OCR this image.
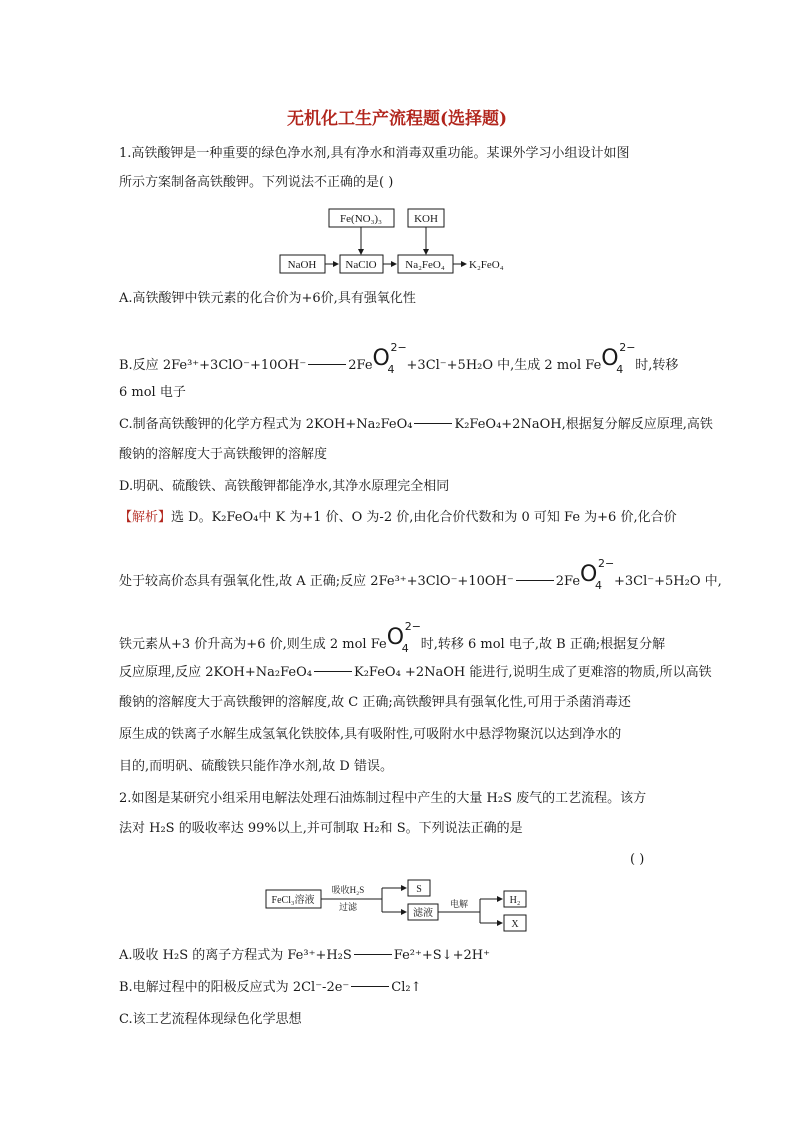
无机化工生产流程题(选择题)
1.高铁酸钾是一种重要的绿色净水剂,具有净水和消毒双重功能。某课外学习小组设计如图
所示方案制备高铁酸钾。下列说法不正确的是( )
Fe(NO₃)₃	KOH
NaOH	NaClO	Na₂FeO₄ K₂FeO₄
A.高铁酸钾中铁元素的化合价为+6价,具有强氧化性
B.反应 2Fe³⁺+3ClO⁻+10OH⁻	2Fe O 2−
4 +3Cl⁻+5H₂O 中,生成 2 mol Fe O 2−
4 时,转移
6 mol 电子
C.制备高铁酸钾的化学方程式为 2KOH+Na₂FeO₄	K₂FeO₄+2NaOH,根据复分解反应原理,高铁
酸钠的溶解度大于高铁酸钾的溶解度
D.明矾、硫酸铁、高铁酸钾都能净水,其净水原理完全相同
【解析】选 D。K₂FeO₄中 K 为+1 价、O 为-2 价,由化合价代数和为 0 可知 Fe 为+6 价,化合价
处于较高价态具有强氧化性,故 A 正确;反应 2Fe³⁺+3ClO⁻+10OH⁻	2Fe O 2−
4 +3Cl⁻+5H₂O 中,
铁元素从+3 价升高为+6 价,则生成 2 mol Fe O 2−
4 时,转移 6 mol 电子,故 B 正确;根据复分解
反应原理,反应 2KOH+Na₂FeO₄	K₂FeO₄ +2NaOH 能进行,说明生成了更难溶的物质,所以高铁
酸钠的溶解度大于高铁酸钾的溶解度,故 C 正确;高铁酸钾具有强氧化性,可用于杀菌消毒还
原生成的铁离子水解生成氢氧化铁胶体,具有吸附性,可吸附水中悬浮物聚沉以达到净水的
目的,而明矾、硫酸铁只能作净水剂,故 D 错误。
2.如图是某研究小组采用电解法处理石油炼制过程中产生的大量 H₂S 废气的工艺流程。该方
法对 H₂S 的吸收率达 99%以上,并可制取 H₂和 S。下列说法正确的是
( )
FeCl₃溶液
吸收H₂S
过滤
S
滤液
电解	H₂
X
A.吸收 H₂S 的离子方程式为 Fe³⁺+H₂S	Fe²⁺+S↓+2H⁺
B.电解过程中的阳极反应式为 2Cl⁻-2e⁻	Cl₂↑
C.该工艺流程体现绿色化学思想
